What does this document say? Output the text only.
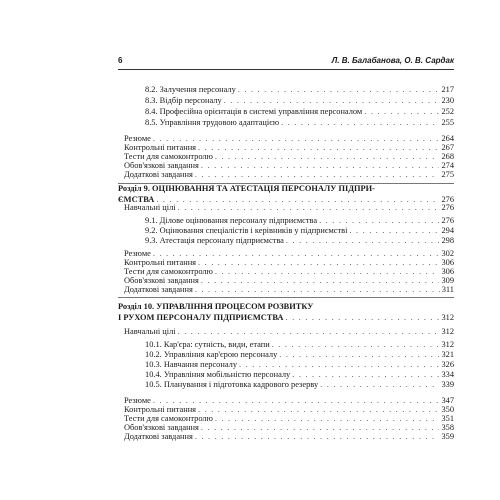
6	Л. В. Балабанова, О. В. Сардак
8.2. Залучення персоналу . . .	217
8.3. Відбір персоналу . . .	230
8.4. Професійна орієнтація в системі управління персоналом . . .	252
8.5. Управління трудовою адаптацією . . .	255
Резюме . . .	264
Контрольні питання . . .	267
Тести для самоконтролю . . .	268
Обов'язкові завдання . . .	274
Додаткові завдання . . .	275
Розділ 9. ОЦІНЮВАННЯ ТА АТЕСТАЦІЯ ПЕРСОНАЛУ ПІДПРИ-
ЄМСТВА . . .	276
Навчальні цілі . . .	276
9.1. Ділове оцінювання персоналу підприємства . . .	276
9.2. Оцінювання спеціалістів і керівників у підприємстві . . .	294
9.3. Атестація персоналу підприємства . . .	298
Резюме . . .	302
Контрольні питання . . .	306
Тести для самоконтролю . . .	306
Обов'язкові завдання . . .	309
Додаткові завдання . . .	311
Розділ 10. УПРАВЛІННЯ ПРОЦЕСОМ РОЗВИТКУ
І РУХОМ ПЕРСОНАЛУ ПІДПРИЄМСТВА . . .	312
Навчальні цілі . . .	312
10.1. Кар'єра: сутність, види, етапи . . .	312
10.2. Управління кар'єрою персоналу . . .	321
10.3. Навчання персоналу . . .	326
10.4. Управління мобільністю персоналу . . .	334
10.5. Планування і підготовка кадрового резерву . . .	339
Резюме . . .	347
Контрольні питання . . .	350
Тести для самоконтролю . . .	351
Обов'язкові завдання . . .	358
Додаткові завдання . . .	359
